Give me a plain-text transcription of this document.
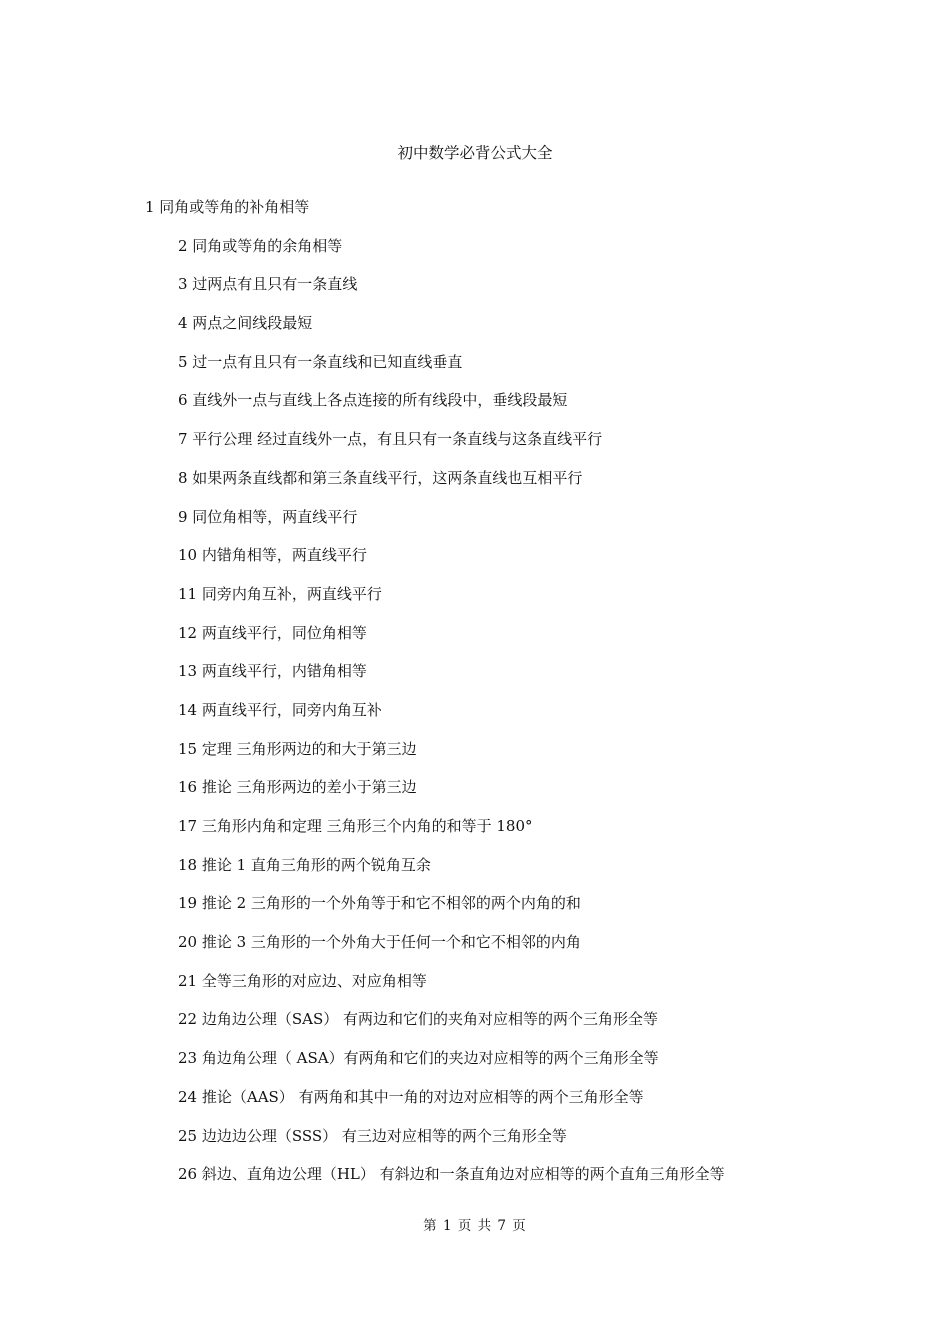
初中数学必背公式大全
1 同角或等角的补角相等
2 同角或等角的余角相等
3 过两点有且只有一条直线
4 两点之间线段最短
5 过一点有且只有一条直线和已知直线垂直
6 直线外一点与直线上各点连接的所有线段中，垂线段最短
7 平行公理 经过直线外一点，有且只有一条直线与这条直线平行
8 如果两条直线都和第三条直线平行，这两条直线也互相平行
9 同位角相等，两直线平行
10 内错角相等，两直线平行
11 同旁内角互补，两直线平行
12 两直线平行，同位角相等
13 两直线平行，内错角相等
14 两直线平行，同旁内角互补
15 定理 三角形两边的和大于第三边
16 推论 三角形两边的差小于第三边
17 三角形内角和定理 三角形三个内角的和等于 180°
18 推论 1 直角三角形的两个锐角互余
19 推论 2 三角形的一个外角等于和它不相邻的两个内角的和
20 推论 3 三角形的一个外角大于任何一个和它不相邻的内角
21 全等三角形的对应边、对应角相等
22 边角边公理（SAS） 有两边和它们的夹角对应相等的两个三角形全等
23 角边角公理（ ASA）有两角和它们的夹边对应相等的两个三角形全等
24 推论（AAS） 有两角和其中一角的对边对应相等的两个三角形全等
25 边边边公理（SSS） 有三边对应相等的两个三角形全等
26 斜边、直角边公理（HL） 有斜边和一条直角边对应相等的两个直角三角形全等
第 1 页 共 7 页
